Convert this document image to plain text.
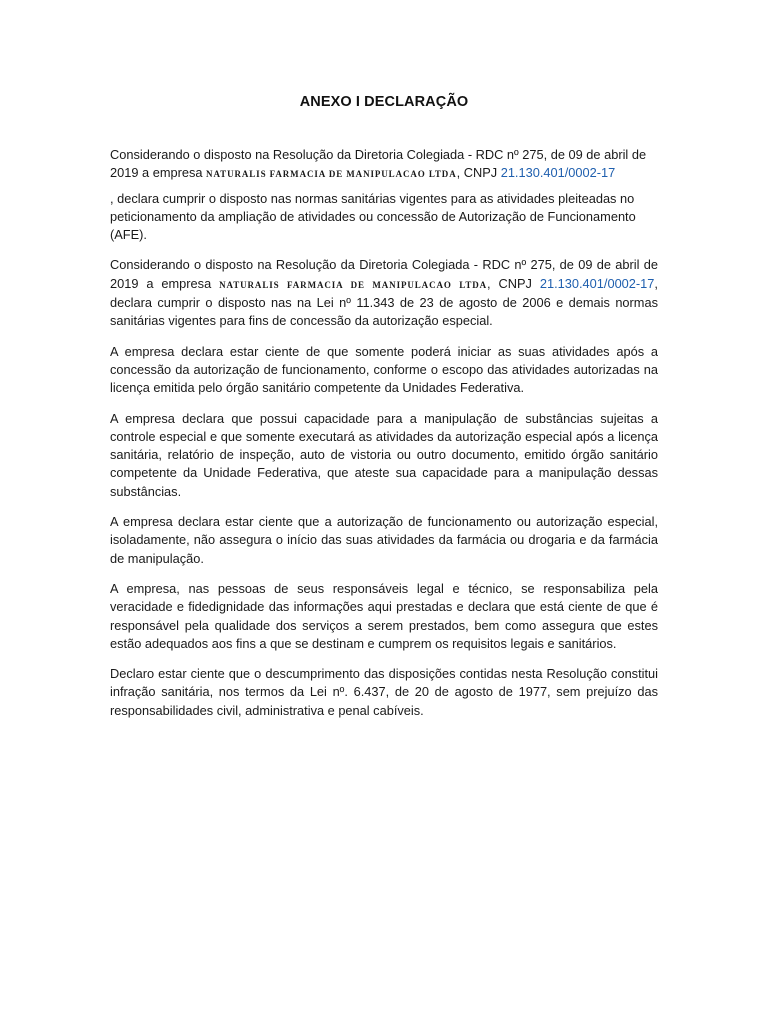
ANEXO I DECLARAÇÃO

Considerando o disposto na Resolução da Diretoria Colegiada - RDC nº 275, de 09 de abril de 2019 a empresa NATURALIS FARMACIA DE MANIPULACAO LTDA, CNPJ 21.130.401/0002-17

, declara cumprir o disposto nas normas sanitárias vigentes para as atividades pleiteadas no peticionamento da ampliação de atividades ou concessão de Autorização de Funcionamento (AFE).

Considerando o disposto na Resolução da Diretoria Colegiada - RDC nº 275, de 09 de abril de 2019 a empresa NATURALIS FARMACIA DE MANIPULACAO LTDA, CNPJ 21.130.401/0002-17, declara cumprir o disposto nas na Lei nº 11.343 de 23 de agosto de 2006 e demais normas sanitárias vigentes para fins de concessão da autorização especial.

A empresa declara estar ciente de que somente poderá iniciar as suas atividades após a concessão da autorização de funcionamento, conforme o escopo das atividades autorizadas na licença emitida pelo órgão sanitário competente da Unidades Federativa.

A empresa declara que possui capacidade para a manipulação de substâncias sujeitas a controle especial e que somente executará as atividades da autorização especial após a licença sanitária, relatório de inspeção, auto de vistoria ou outro documento, emitido órgão sanitário competente da Unidade Federativa, que ateste sua capacidade para a manipulação dessas substâncias.

A empresa declara estar ciente que a autorização de funcionamento ou autorização especial, isoladamente, não assegura o início das suas atividades da farmácia ou drogaria e da farmácia de manipulação.

A empresa, nas pessoas de seus responsáveis legal e técnico, se responsabiliza pela veracidade e fidedignidade das informações aqui prestadas e declara que está ciente de que é responsável pela qualidade dos serviços a serem prestados, bem como assegura que estes estão adequados aos fins a que se destinam e cumprem os requisitos legais e sanitários.

Declaro estar ciente que o descumprimento das disposições contidas nesta Resolução constitui infração sanitária, nos termos da Lei nº. 6.437, de 20 de agosto de 1977, sem prejuízo das responsabilidades civil, administrativa e penal cabíveis.
